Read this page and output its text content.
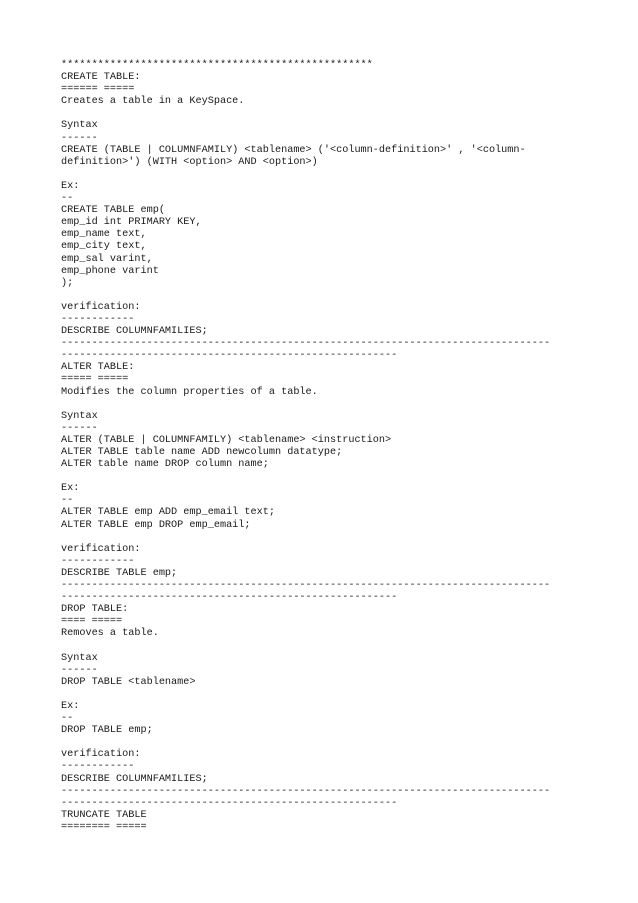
***************************************************
CREATE TABLE:
====== =====
Creates a table in a KeySpace.
Syntax
------
CREATE (TABLE | COLUMNFAMILY) <tablename> ('<column-definition>' , '<column-
definition>') (WITH <option> AND <option>)
Ex:
--
CREATE TABLE emp(
emp_id int PRIMARY KEY,
emp_name text,
emp_city text,
emp_sal varint,
emp_phone varint
);
verification:
------------
DESCRIBE COLUMNFAMILIES;
--------------------------------------------------------------------------------
-------------------------------------------------------
ALTER TABLE:
===== =====
Modifies the column properties of a table.
Syntax
------
ALTER (TABLE | COLUMNFAMILY) <tablename> <instruction>
ALTER TABLE table name ADD newcolumn datatype;
ALTER table name DROP column name;
Ex:
--
ALTER TABLE emp ADD emp_email text;
ALTER TABLE emp DROP emp_email;
verification:
------------
DESCRIBE TABLE emp;
--------------------------------------------------------------------------------
-------------------------------------------------------
DROP TABLE:
==== =====
Removes a table.
Syntax
------
DROP TABLE <tablename>
Ex:
--
DROP TABLE emp;
verification:
------------
DESCRIBE COLUMNFAMILIES;
--------------------------------------------------------------------------------
-------------------------------------------------------
TRUNCATE TABLE
======== =====
